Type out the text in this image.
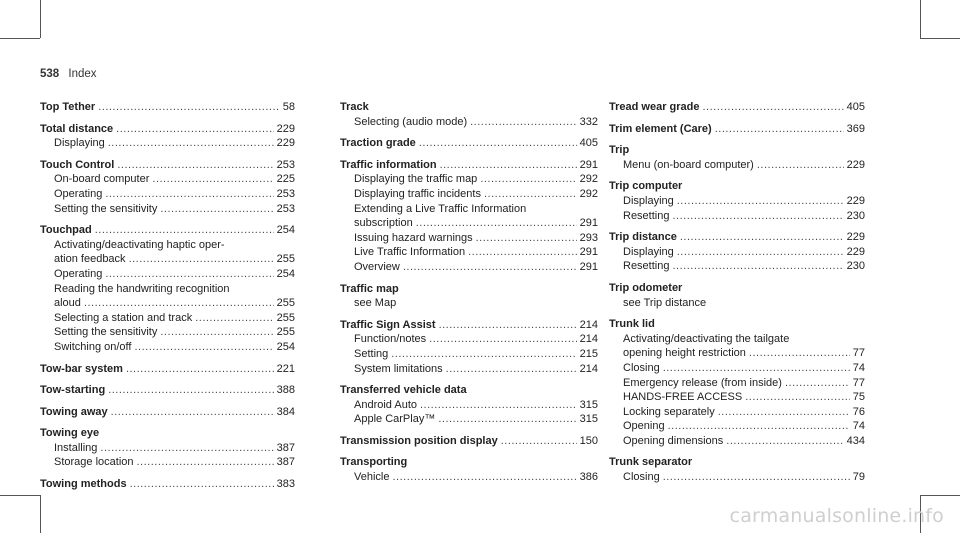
538 Index
Top Tether .....	58
Total distance .....	229
Displaying .....	229
Touch Control .....	253
On-board computer .....	225
Operating .....	253
Setting the sensitivity .....	253
Touchpad .....	254
Activating/deactivating haptic oper-
ation feedback .....	255
Operating .....	254
Reading the handwriting recognition
aloud .....	255
Selecting a station and track .....	255
Setting the sensitivity .....	255
Switching on/off .....	254
Tow-bar system .....	221
Tow-starting .....	388
Towing away .....	384
Towing eye
Installing .....	387
Storage location .....	387
Towing methods .....	383
Track
Selecting (audio mode) .....	332
Traction grade .....	405
Traffic information .....	291
Displaying the traffic map .....	292
Displaying traffic incidents .....	292
Extending a Live Traffic Information
subscription .....	291
Issuing hazard warnings .....	293
Live Traffic Information .....	291
Overview .....	291
Traffic map
see Map
Traffic Sign Assist .....	214
Function/notes .....	214
Setting .....	215
System limitations .....	214
Transferred vehicle data
Android Auto .....	315
Apple CarPlay™ .....	315
Transmission position display .....	150
Transporting
Vehicle .....	386
Tread wear grade .....	405
Trim element (Care) .....	369
Trip
Menu (on-board computer) .....	229
Trip computer
Displaying .....	229
Resetting .....	230
Trip distance .....	229
Displaying .....	229
Resetting .....	230
Trip odometer
see Trip distance
Trunk lid
Activating/deactivating the tailgate
opening height restriction .....	77
Closing .....	74
Emergency release (from inside) .....	77
HANDS-FREE ACCESS .....	75
Locking separately .....	76
Opening .....	74
Opening dimensions .....	434
Trunk separator
Closing .....	79
carmanualsonline.info
